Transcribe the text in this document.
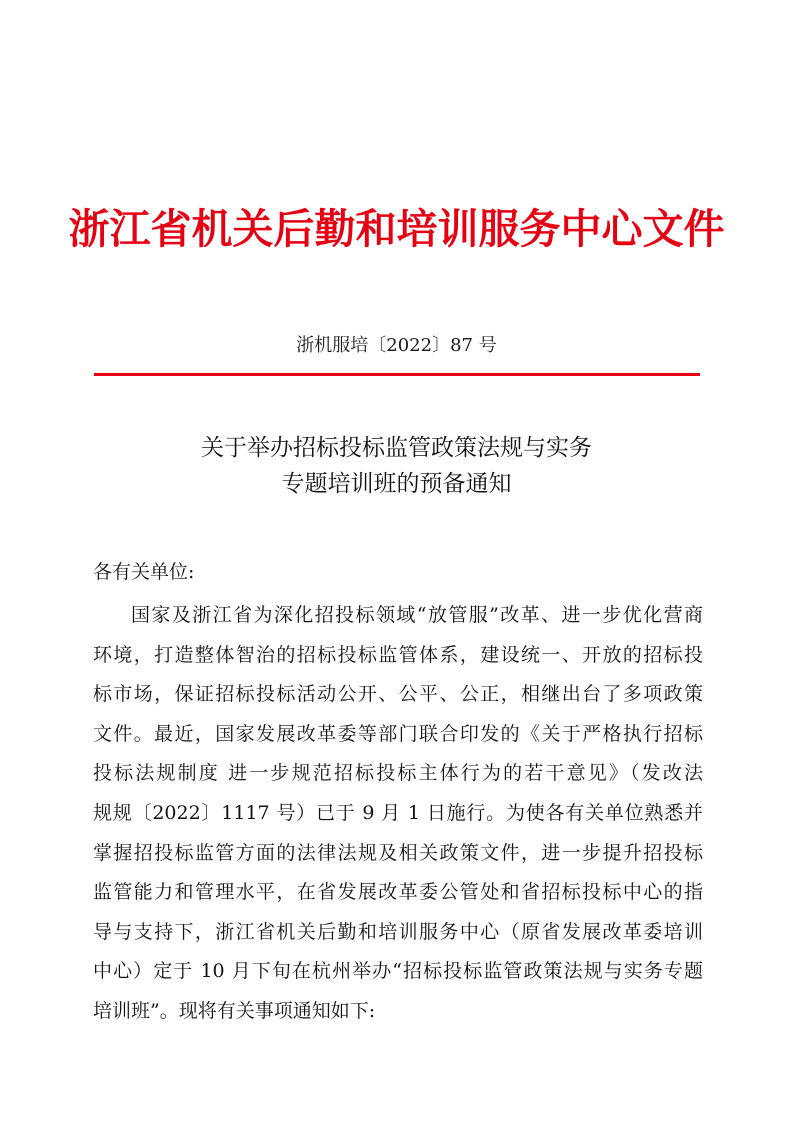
浙江省机关后勤和培训服务中心文件
浙机服培〔2022〕87 号
关于举办招标投标监管政策法规与实务
专题培训班的预备通知
各有关单位:
国家及浙江省为深化招投标领域“放管服”改革、进一步优化营商
环境，打造整体智治的招标投标监管体系，建设统一、开放的招标投
标市场，保证招标投标活动公开、公平、公正，相继出台了多项政策
文件。最近，国家发展改革委等部门联合印发的《关于严格执行招标
投标法规制度 进一步规范招标投标主体行为的若干意见》（发改法
规规〔2022〕1117 号）已于 9 月 1 日施行。为使各有关单位熟悉并
掌握招投标监管方面的法律法规及相关政策文件，进一步提升招投标
监管能力和管理水平，在省发展改革委公管处和省招标投标中心的指
导与支持下，浙江省机关后勤和培训服务中心（原省发展改革委培训
中心）定于 10 月下旬在杭州举办“招标投标监管政策法规与实务专题
培训班”。现将有关事项通知如下:
